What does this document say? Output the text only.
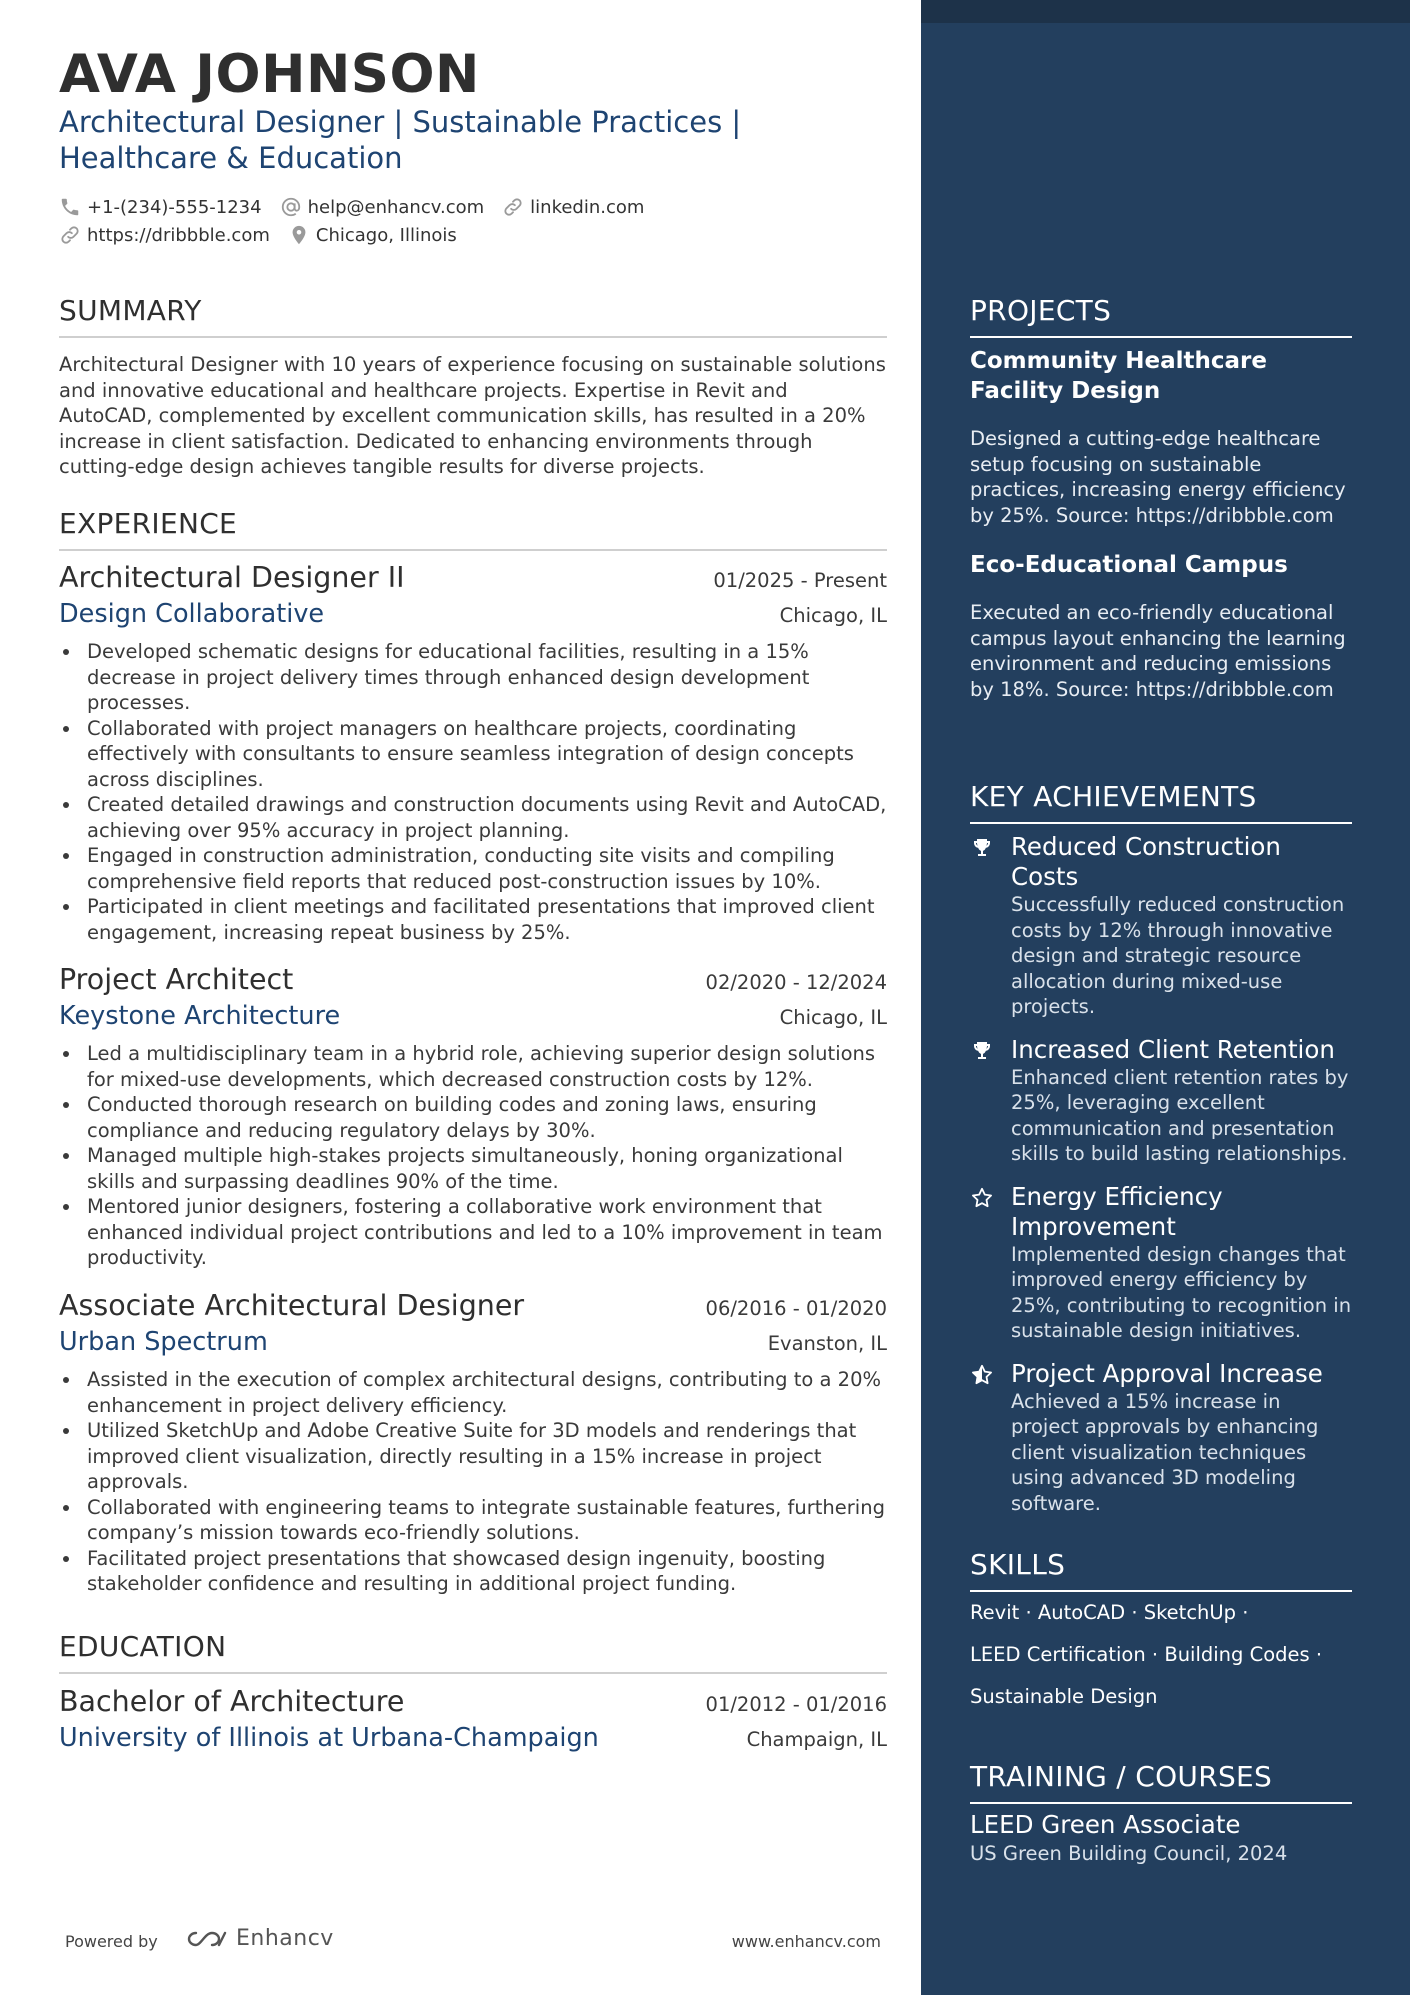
AVA JOHNSON
Architectural Designer | Sustainable Practices |
Healthcare & Education
+1-(234)-555-1234	help@enhancv.com	linkedin.com
https://dribbble.com	Chicago, Illinois
SUMMARY
Architectural Designer with 10 years of experience focusing on sustainable solutions and innovative educational and healthcare projects. Expertise in Revit and AutoCAD, complemented by excellent communication skills, has resulted in a 20% increase in client satisfaction. Dedicated to enhancing environments through cutting-edge design achieves tangible results for diverse projects.
EXPERIENCE
Architectural Designer II	01/2025 - Present
Design Collaborative	Chicago, IL
Developed schematic designs for educational facilities, resulting in a 15% decrease in project delivery times through enhanced design development processes.
Collaborated with project managers on healthcare projects, coordinating effectively with consultants to ensure seamless integration of design concepts across disciplines.
Created detailed drawings and construction documents using Revit and AutoCAD, achieving over 95% accuracy in project planning.
Engaged in construction administration, conducting site visits and compiling comprehensive field reports that reduced post-construction issues by 10%.
Participated in client meetings and facilitated presentations that improved client engagement, increasing repeat business by 25%.
Project Architect	02/2020 - 12/2024
Keystone Architecture	Chicago, IL
Led a multidisciplinary team in a hybrid role, achieving superior design solutions for mixed-use developments, which decreased construction costs by 12%.
Conducted thorough research on building codes and zoning laws, ensuring compliance and reducing regulatory delays by 30%.
Managed multiple high-stakes projects simultaneously, honing organizational skills and surpassing deadlines 90% of the time.
Mentored junior designers, fostering a collaborative work environment that enhanced individual project contributions and led to a 10% improvement in team productivity.
Associate Architectural Designer	06/2016 - 01/2020
Urban Spectrum	Evanston, IL
Assisted in the execution of complex architectural designs, contributing to a 20% enhancement in project delivery efficiency.
Utilized SketchUp and Adobe Creative Suite for 3D models and renderings that improved client visualization, directly resulting in a 15% increase in project approvals.
Collaborated with engineering teams to integrate sustainable features, furthering company’s mission towards eco-friendly solutions.
Facilitated project presentations that showcased design ingenuity, boosting stakeholder confidence and resulting in additional project funding.
EDUCATION
Bachelor of Architecture	01/2012 - 01/2016
University of Illinois at Urbana-Champaign	Champaign, IL
Powered by	Enhancv	www.enhancv.com
PROJECTS
Community Healthcare Facility Design
Designed a cutting-edge healthcare setup focusing on sustainable practices, increasing energy efficiency by 25%. Source: https://dribbble.com
Eco-Educational Campus
Executed an eco-friendly educational campus layout enhancing the learning environment and reducing emissions by 18%. Source: https://dribbble.com
KEY ACHIEVEMENTS
Reduced Construction Costs
Successfully reduced construction costs by 12% through innovative design and strategic resource allocation during mixed-use projects.
Increased Client Retention
Enhanced client retention rates by 25%, leveraging excellent communication and presentation skills to build lasting relationships.
Energy Efficiency Improvement
Implemented design changes that improved energy efficiency by 25%, contributing to recognition in sustainable design initiatives.
Project Approval Increase
Achieved a 15% increase in project approvals by enhancing client visualization techniques using advanced 3D modeling software.
SKILLS
Revit · AutoCAD · SketchUp ·
LEED Certification · Building Codes ·
Sustainable Design
TRAINING / COURSES
LEED Green Associate
US Green Building Council, 2024
